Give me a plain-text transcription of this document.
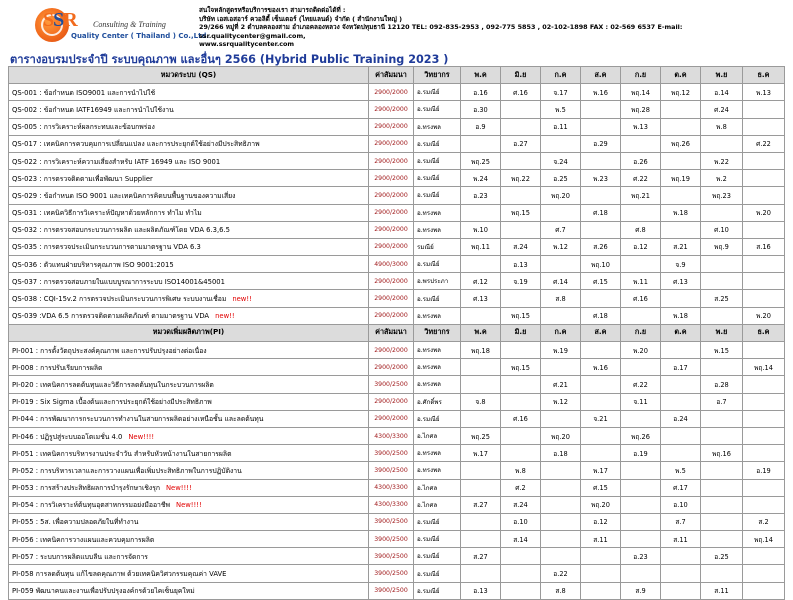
SSR Consulting & Training
Quality Center ( Thailand ) Co.,Ltd.
สนใจหลักสูตรหรือบริการของเรา สามารถติดต่อได้ที่ :
บริษัท เอสเอสอาร์ ควอลิตี้ เซ็นเตอร์ (ไทยแลนด์) จำกัด ( สำนักงานใหญ่ )
29/266 หมู่ที่ 2 ตำบลคลองสาม อำเภอคลองหลวง จังหวัดปทุมธานี 12120 TEL: 092-835-2953 , 092-775 5853 , 02-102-1898 FAX : 02-569 6537 E-mail: ssr.qualitycenter@gmail.com,
www.ssrqualitycenter.com
ตารางอบรมประจำปี ระบบคุณภาพ และอื่นๆ 2566 (Hybrid Public Training 2023 )
หมวดระบบ (QS)	ค่าสัมมนา	วิทยากร	พ.ค	มิ.ย	ก.ค	ส.ค	ก.ย	ต.ค	พ.ย	ธ.ค
QS-001 : ข้อกำหนด ISO9001 และการนำไปใช้	2900/2000	อ.รมณีย์	อ.16	ศ.16	จ.17	พ.16	พฤ.14	พฤ.12	อ.14	พ.13
QS-002 : ข้อกำหนด IATF16949 และการนำไปใช้งาน	2900/2000	อ.รมณีย์	อ.30		พ.5		พฤ.28		ศ.24	
QS-005 : การวิเคราะห์ผลกระทบและข้อบกพร่อง	2900/2000	อ.ทรงพล	อ.9		อ.11		พ.13		พ.8	
QS-017 : เทคนิคการควบคุมการเปลี่ยนแปลง และการประยุกต์ใช้อย่างมีประสิทธิภาพ	2900/2000	อ.รมณีย์		อ.27		อ.29		พฤ.26		ศ.22
QS-022 : การวิเคราะห์ความเสี่ยงสำหรับ IATF 16949 และ ISO 9001	2900/2000	อ.รมณีย์	พฤ.25		จ.24		อ.26		พ.22	
QS-023 : การตรวจติดตามเพื่อพัฒนา Supplier	2900/2000	อ.รมณีย์	พ.24	พฤ.22	อ.25	พ.23	ศ.22	พฤ.19	พ.2	
QS-029 : ข้อกำหนด ISO 9001 และเทคนิคการคิดบนพื้นฐานของความเสี่ยง	2900/2000	อ.รมณีย์	อ.23		พฤ.20		พฤ.21		พฤ.23	
QS-031 : เทคนิควิธีการวิเคราะห์ปัญหาด้วยหลักการ ทำไม ทำไม	2900/2000	อ.ทรงพล		พฤ.15		ศ.18		พ.18		พ.20
QS-032 : การตรวจสอบกระบวนการผลิต และผลิตภัณฑ์โดย VDA 6.3,6.5	2900/2000	อ.ทรงพล	พ.10		ศ.7		ศ.8		ศ.10	
QS-035 : การตรวจประเมินกระบวนการตามมาตรฐาน VDA 6.3	2900/2000	รมณีย์	พฤ.11	ส.24	พ.12	ส.26	อ.12	ส.21	พฤ.9	ส.16
QS-036 : ตัวแทนฝ่ายบริหารคุณภาพ ISO 9001:2015	4900/3000	อ.รมณีย์		อ.13		พฤ.10		จ.9		
QS-037 : การตรวจสอบภายในแบบบูรณาการระบบ ISO14001&45001	2900/2000	อ.พรประภา	ศ.12	จ.19	ศ.14	ศ.15	พ.11	ศ.13		
QS-038 : CQI-15v.2 การตรวจประเมินกระบวนการพิเศษ ระบบงานเชื่อม new!!	2900/2000	อ.รมณีย์	ศ.13		ส.8		ศ.16		ส.25	
QS-039 :VDA 6.5 การตรวจติดตามผลิตภัณฑ์ ตามมาตรฐาน VDA new!!	2900/2000	อ.ทรงพล		พฤ.15		ศ.18		พ.18		พ.20
หมวดเพิ่มผลิตภาพ(PI)	ค่าสัมมนา	วิทยากร	พ.ค	มิ.ย	ก.ค	ส.ค	ก.ย	ต.ค	พ.ย	ธ.ค
PI-001 : การตั้งวัตถุประสงค์คุณภาพ และการปรับปรุงอย่างต่อเนื่อง	2900/2000	อ.ทรงพล	พฤ.18		พ.19		พ.20		พ.15	
PI-008 : การปรับเรียบการผลิต	2900/2000	อ.ทรงพล		พฤ.15		พ.16		อ.17		พฤ.14
PI-020 : เทคนิคการลดต้นทุนและวิธีการลดต้นทุนในกระบวนการผลิต	3900/2500	อ.ทรงพล			ศ.21		ศ.22		อ.28	
PI-019 : Six Sigma เบื้องต้นและการประยุกต์ใช้อย่างมีประสิทธิภาพ	2900/2000	อ.ศักดิ์พร	จ.8		พ.12		จ.11		อ.7	
PI-044 : การพัฒนาการกระบวนการทำงานในสายการผลิตอย่างเหนือชั้น และลดต้นทุน	2900/2000	อ.รมณีย์		ศ.16		จ.21		อ.24		
PI-046 : ปฏิรูปสู่ระบบออโตเมชั่น 4.0 New!!!!	4300/3300	อ.ไกศล	พฤ.25		พฤ.20		พฤ.26			
PI-051 : เทคนิคการบริหารงานประจำวัน สำหรับหัวหน้างานในสายการผลิต	3900/2500	อ.ทรงพล	พ.17		อ.18		อ.19		พฤ.16	
PI-052 : การบริหารเวลาและการวางแผนเพื่อเพิ่มประสิทธิภาพในการปฏิบัติงาน	3900/2500	อ.ทรงพล		พ.8		พ.17		พ.5		อ.19
PI-053 : การสร้างประสิทธิผลการบำรุงรักษาเชิงรุก New!!!!	4300/3300	อ.ไกศล		ศ.2		ศ.15		ศ.17		
PI-054 : การวิเคราะห์ต้นทุนอุตสาหกรรมอย่งมืออาชีพ New!!!!	4300/3300	อ.ไกศล	ส.27	ส.24		พฤ.20		อ.10		
PI-055 : 5ส. เพื่อความปลอดภัยในที่ทำงาน	3900/2500	อ.รมณีย์		อ.10		อ.12		ส.7		ส.2
PI-056 : เทคนิคการวางแผนและควบคุมการผลิต	3900/2500	อ.รมณีย์		ส.14		ส.11		ส.11		พฤ.14
PI-057 : ระบบการผลิตแบบลีน และการจัดการ	3900/2500	อ.รมณีย์	ส.27				อ.23		อ.25	
PI-058 การลดต้นทุน แก้ไขลดคุณภาพ ด้วยเทคนิควิศวกรรมคุณค่า VAVE	3900/2500	อ.รมณีย์			อ.22					
PI-059 พัฒนาคนและงานเพื่อปรับปรุงองค์กรด้วยไคเซ็นยุคใหม่	3900/2500	อ.รมณีย์	อ.13		ส.8		ส.9		ส.11	
